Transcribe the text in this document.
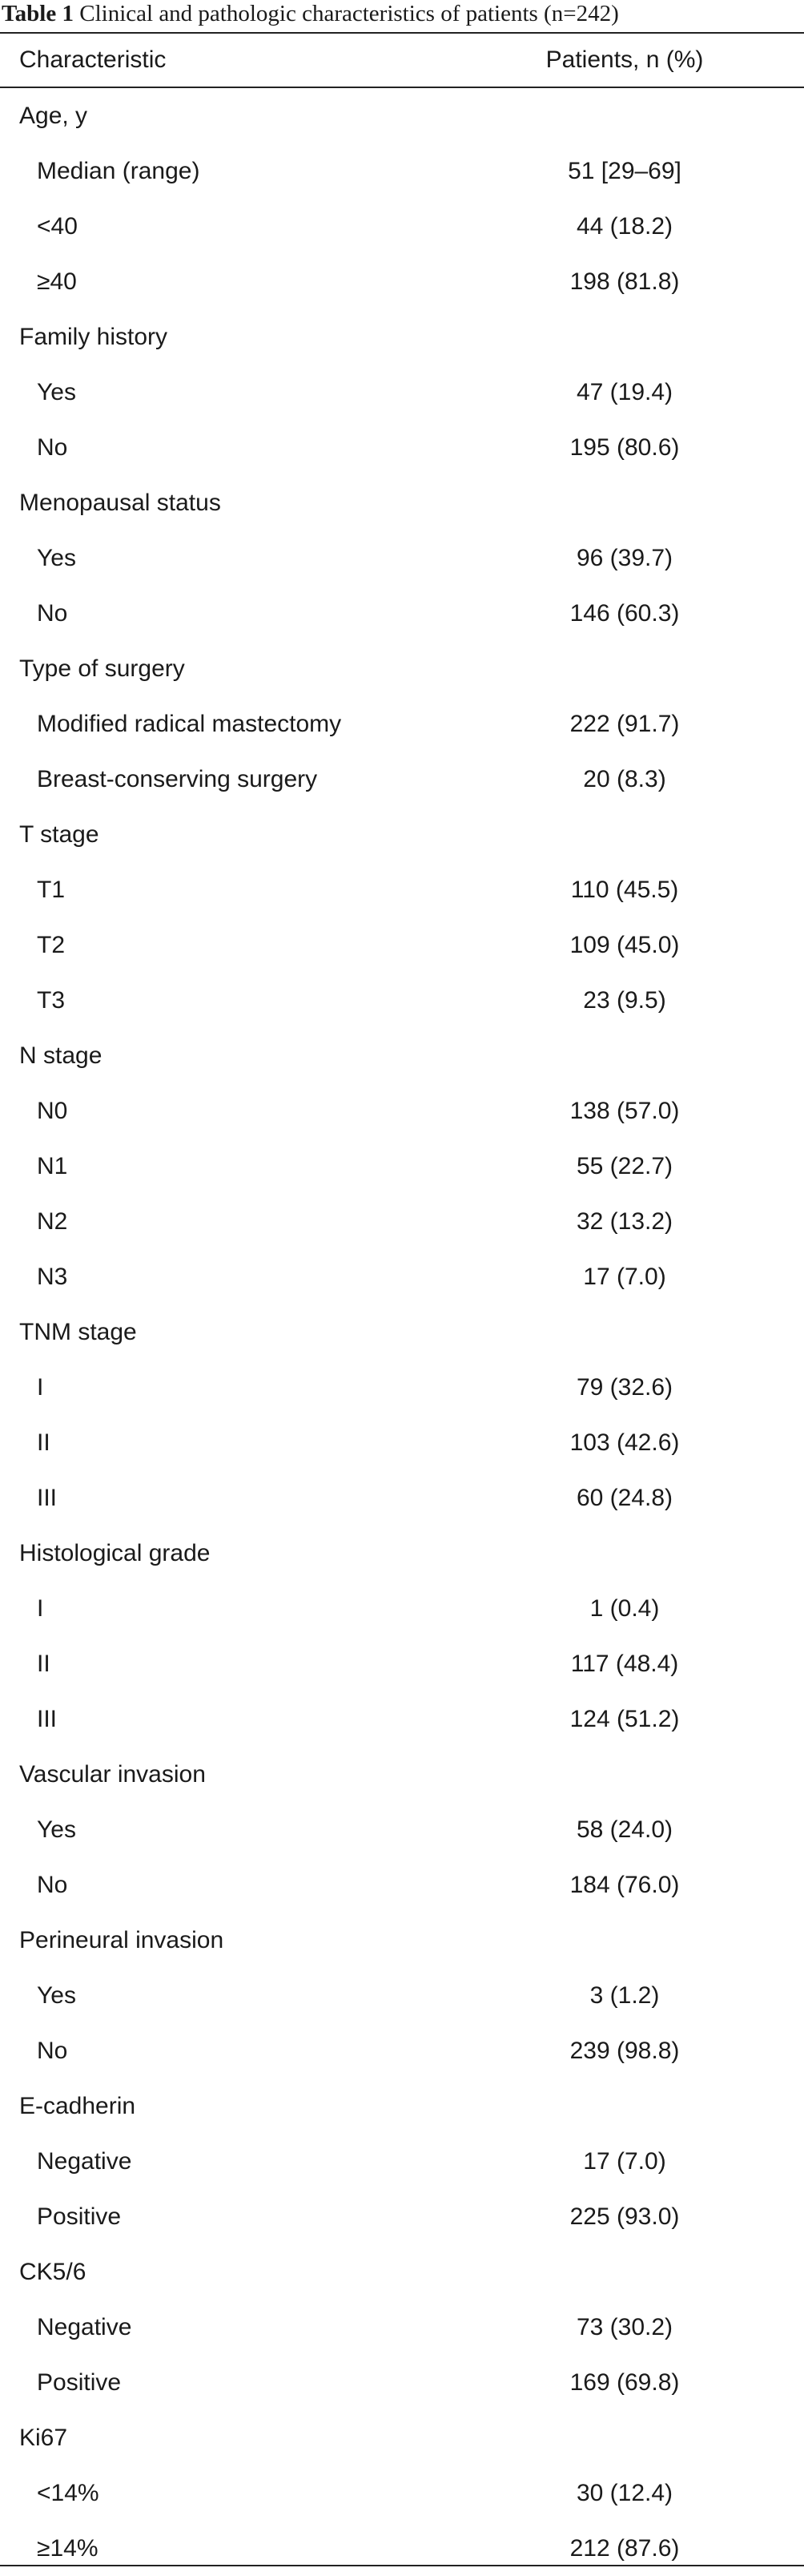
Table 1 Clinical and pathologic characteristics of patients (n=242)
Characteristic	Patients, n (%)
Age, y
Median (range)	51 [29–69]
<40	44 (18.2)
≥40	198 (81.8)
Family history
Yes	47 (19.4)
No	195 (80.6)
Menopausal status
Yes	96 (39.7)
No	146 (60.3)
Type of surgery
Modified radical mastectomy	222 (91.7)
Breast-conserving surgery	20 (8.3)
T stage
T1	110 (45.5)
T2	109 (45.0)
T3	23 (9.5)
N stage
N0	138 (57.0)
N1	55 (22.7)
N2	32 (13.2)
N3	17 (7.0)
TNM stage
I	79 (32.6)
II	103 (42.6)
III	60 (24.8)
Histological grade
I	1 (0.4)
II	117 (48.4)
III	124 (51.2)
Vascular invasion
Yes	58 (24.0)
No	184 (76.0)
Perineural invasion
Yes	3 (1.2)
No	239 (98.8)
E-cadherin
Negative	17 (7.0)
Positive	225 (93.0)
CK5/6
Negative	73 (30.2)
Positive	169 (69.8)
Ki67
<14%	30 (12.4)
≥14%	212 (87.6)
